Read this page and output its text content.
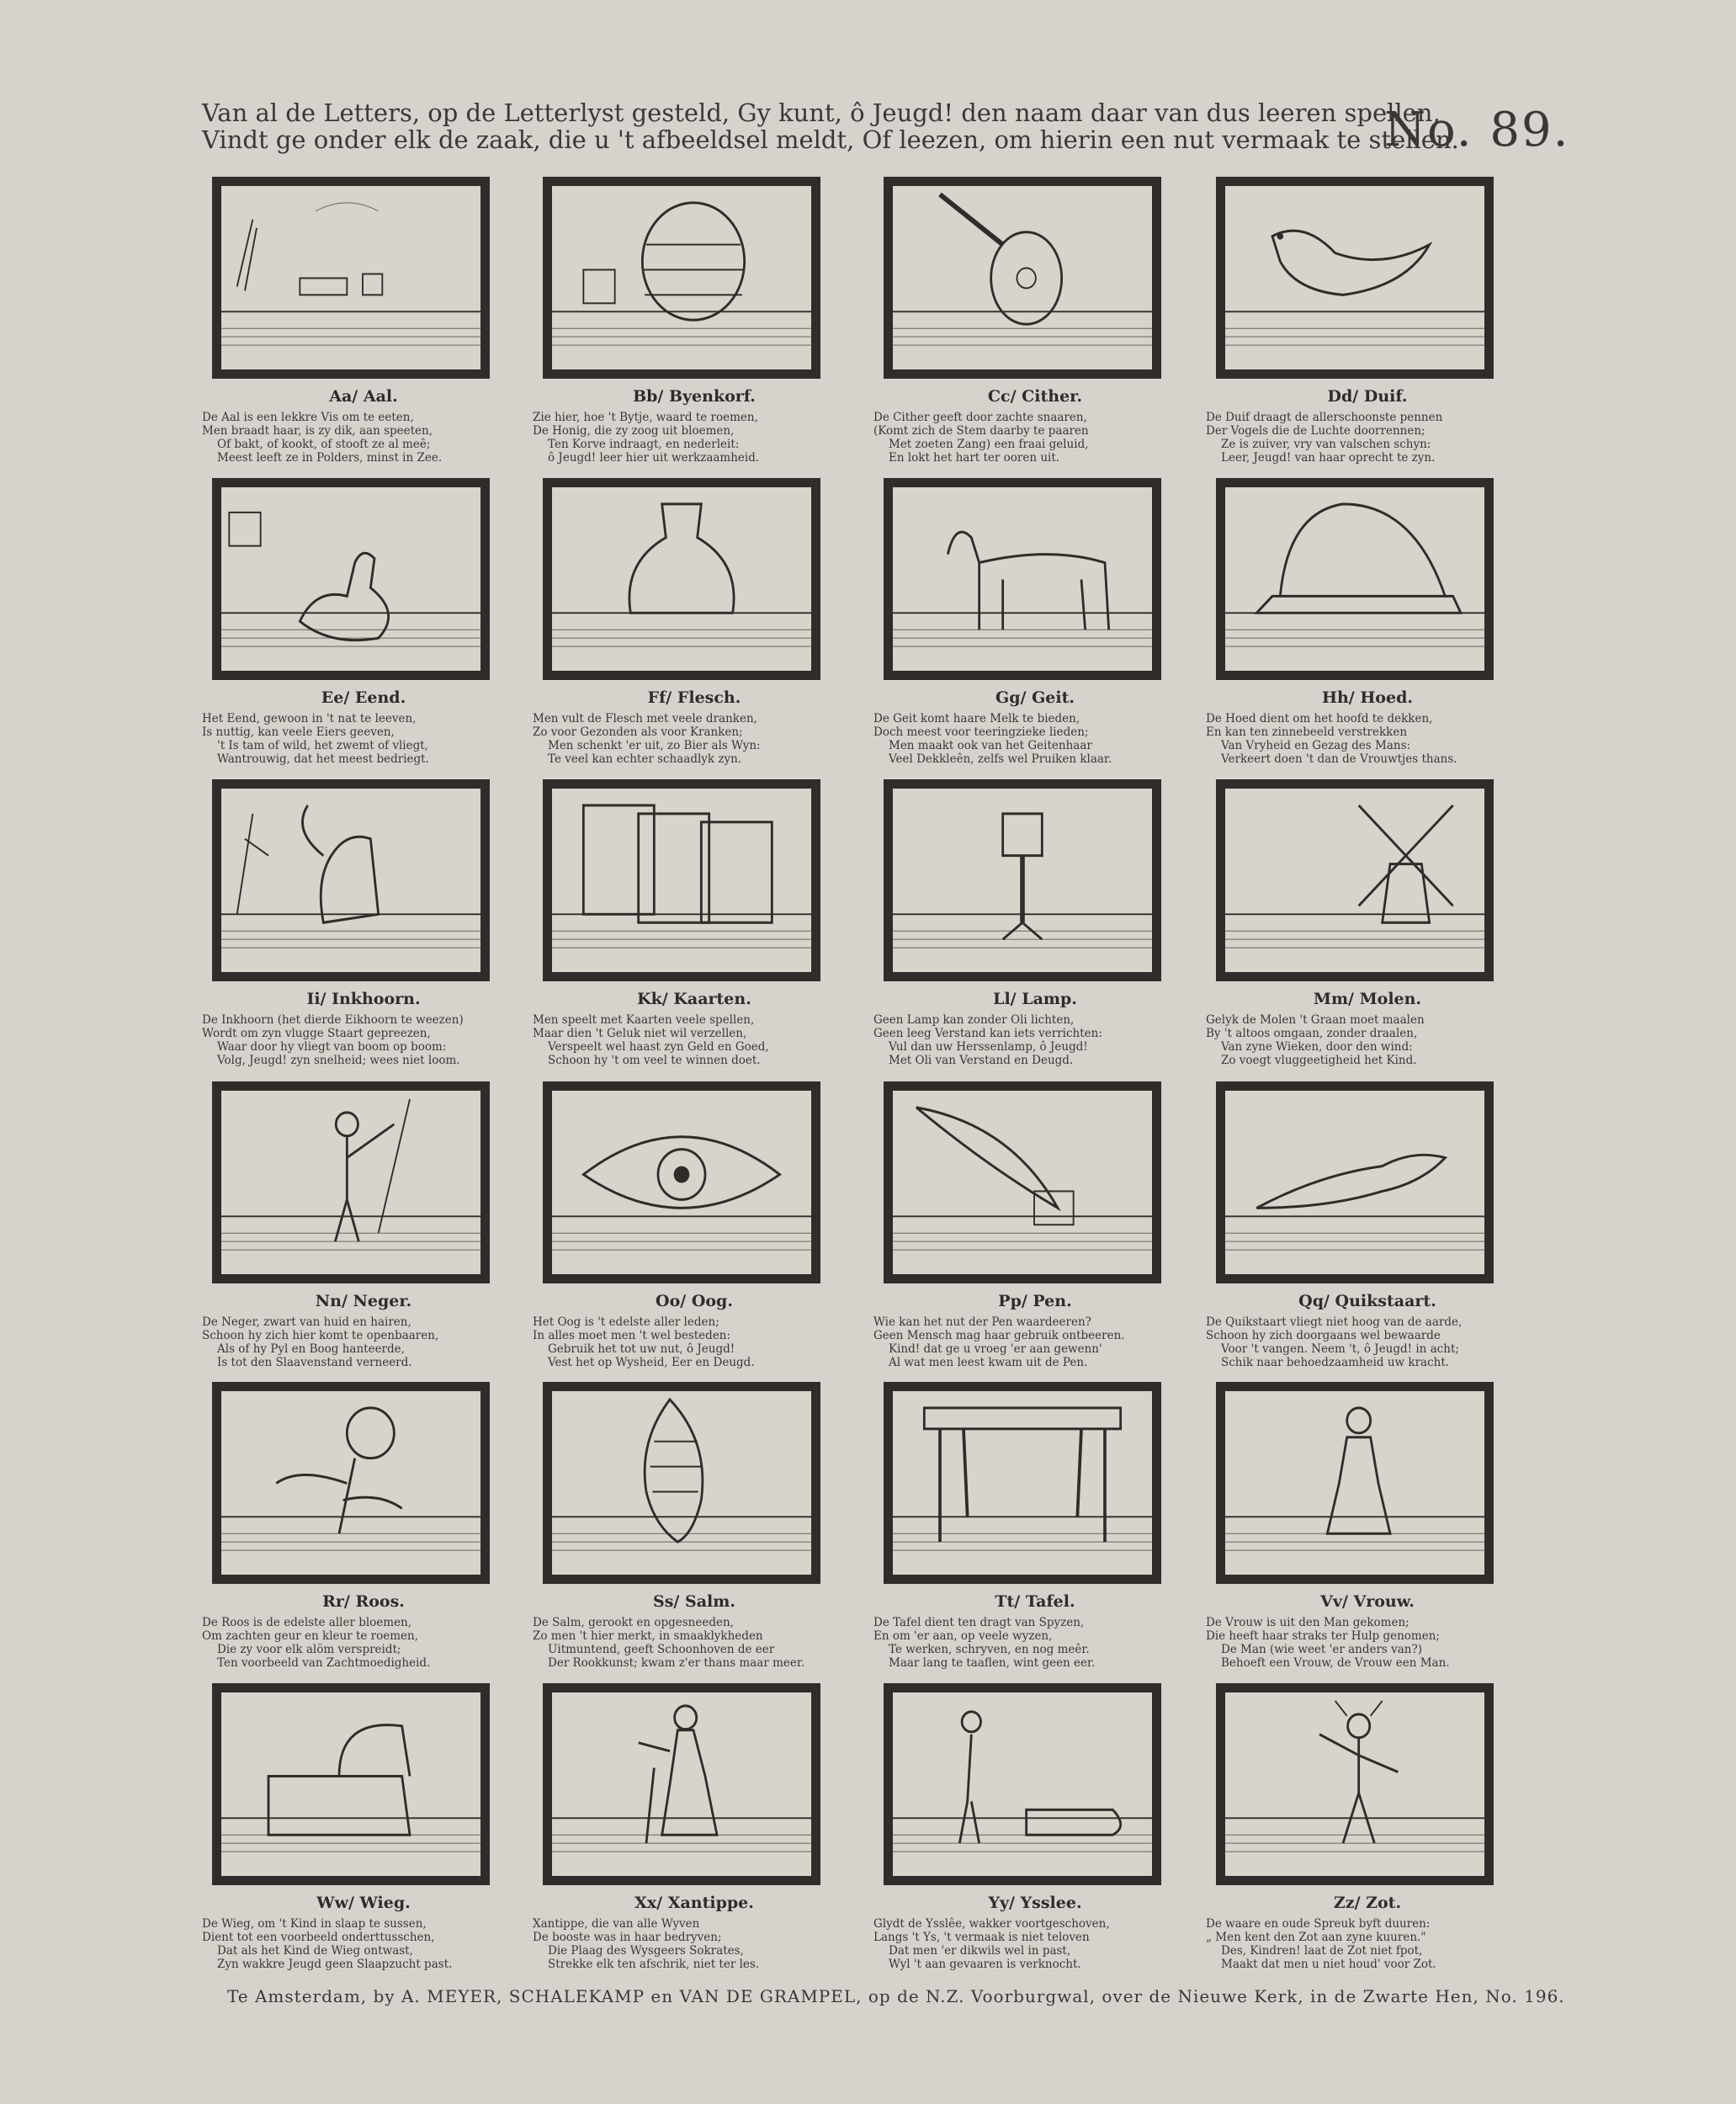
Van al de Letters, op de Letterlyst gesteld, Gy kunt, ô Jeugd! den naam daar van dus leeren spellen,
Vindt ge onder elk de zaak, die u 't afbeeldsel meldt, Of leezen, om hierin een nut vermaak te stellen.
No. 89.
Aa/ Aal.
De Aal is een lekkre Vis om te eeten,
Men braadt haar, is zy dik, aan speeten,
Of bakt, of kookt, of stooft ze al meê;
Meest leeft ze in Polders, minst in Zee.
Bb/ Byenkorf.
Zie hier, hoe 't Bytje, waard te roemen,
De Honig, die zy zoog uit bloemen,
Ten Korve indraagt, en nederleit:
ô Jeugd! leer hier uit werkzaamheid.
Cc/ Cither.
De Cither geeft door zachte snaaren,
(Komt zich de Stem daarby te paaren
Met zoeten Zang) een fraai geluid,
En lokt het hart ter ooren uit.
Dd/ Duif.
De Duif draagt de allerschoonste pennen
Der Vogels die de Luchte doorrennen;
Ze is zuiver, vry van valschen schyn:
Leer, Jeugd! van haar oprecht te zyn.
Ee/ Eend.
Het Eend, gewoon in 't nat te leeven,
Is nuttig, kan veele Eiers geeven,
't Is tam of wild, het zwemt of vliegt,
Wantrouwig, dat het meest bedriegt.
Ff/ Flesch.
Men vult de Flesch met veele dranken,
Zo voor Gezonden als voor Kranken;
Men schenkt 'er uit, zo Bier als Wyn:
Te veel kan echter schaadlyk zyn.
Gg/ Geit.
De Geit komt haare Melk te bieden,
Doch meest voor teeringzieke lieden;
Men maakt ook van het Geitenhaar
Veel Dekkleên, zelfs wel Pruiken klaar.
Hh/ Hoed.
De Hoed dient om het hoofd te dekken,
En kan ten zinnebeeld verstrekken
Van Vryheid en Gezag des Mans:
Verkeert doen 't dan de Vrouwtjes thans.
Ii/ Inkhoorn.
De Inkhoorn (het dierde Eikhoorn te weezen)
Wordt om zyn vlugge Staart gepreezen,
Waar door hy vliegt van boom op boom:
Volg, Jeugd! zyn snelheid; wees niet loom.
Kk/ Kaarten.
Men speelt met Kaarten veele spellen,
Maar dien 't Geluk niet wil verzellen,
Verspeelt wel haast zyn Geld en Goed,
Schoon hy 't om veel te winnen doet.
Ll/ Lamp.
Geen Lamp kan zonder Oli lichten,
Geen leeg Verstand kan iets verrichten:
Vul dan uw Herssenlamp, ô Jeugd!
Met Oli van Verstand en Deugd.
Mm/ Molen.
Gelyk de Molen 't Graan moet maalen
By 't altoos omgaan, zonder draalen,
Van zyne Wieken, door den wind:
Zo voegt vluggeetigheid het Kind.
Nn/ Neger.
De Neger, zwart van huid en hairen,
Schoon hy zich hier komt te openbaaren,
Als of hy Pyl en Boog hanteerde,
Is tot den Slaavenstand verneerd.
Oo/ Oog.
Het Oog is 't edelste aller leden;
In alles moet men 't wel besteden:
Gebruik het tot uw nut, ô Jeugd!
Vest het op Wysheid, Eer en Deugd.
Pp/ Pen.
Wie kan het nut der Pen waardeeren?
Geen Mensch mag haar gebruik ontbeeren.
Kind! dat ge u vroeg 'er aan gewenn'
Al wat men leest kwam uit de Pen.
Qq/ Quikstaart.
De Quikstaart vliegt niet hoog van de aarde,
Schoon hy zich doorgaans wel bewaarde
Voor 't vangen. Neem 't, ô Jeugd! in acht;
Schik naar behoedzaamheid uw kracht.
Rr/ Roos.
De Roos is de edelste aller bloemen,
Om zachten geur en kleur te roemen,
Die zy voor elk alöm verspreidt;
Ten voorbeeld van Zachtmoedigheid.
Ss/ Salm.
De Salm, gerookt en opgesneeden,
Zo men 't hier merkt, in smaaklykheden
Uitmuntend, geeft Schoonhoven de eer
Der Rookkunst; kwam z'er thans maar meer.
Tt/ Tafel.
De Tafel dient ten dragt van Spyzen,
En om 'er aan, op veele wyzen,
Te werken, schryven, en nog meêr.
Maar lang te taaflen, wint geen eer.
Vv/ Vrouw.
De Vrouw is uit den Man gekomen;
Die heeft haar straks ter Hulp genomen;
De Man (wie weet 'er anders van?)
Behoeft een Vrouw, de Vrouw een Man.
Ww/ Wieg.
De Wieg, om 't Kind in slaap te sussen,
Dient tot een voorbeeld onderttusschen,
Dat als het Kind de Wieg ontwast,
Zyn wakkre Jeugd geen Slaapzucht past.
Xx/ Xantippe.
Xantippe, die van alle Wyven
De booste was in haar bedryven;
Die Plaag des Wysgeers Sokrates,
Strekke elk ten afschrik, niet ter les.
Yy/ Ysslee.
Glydt de Ysslêe, wakker voortgeschoven,
Langs 't Ys, 't vermaak is niet teloven
Dat men 'er dikwils wel in past,
Wyl 't aan gevaaren is verknocht.
Zz/ Zot.
De waare en oude Spreuk byft duuren:
„ Men kent den Zot aan zyne kuuren."
Des, Kindren! laat de Zot niet fpot,
Maakt dat men u niet houd' voor Zot.
Te Amsterdam, by A. MEYER, SCHALEKAMP en VAN DE GRAMPEL, op de N.Z. Voorburgwal, over de Nieuwe Kerk, in de Zwarte Hen, No. 196.
